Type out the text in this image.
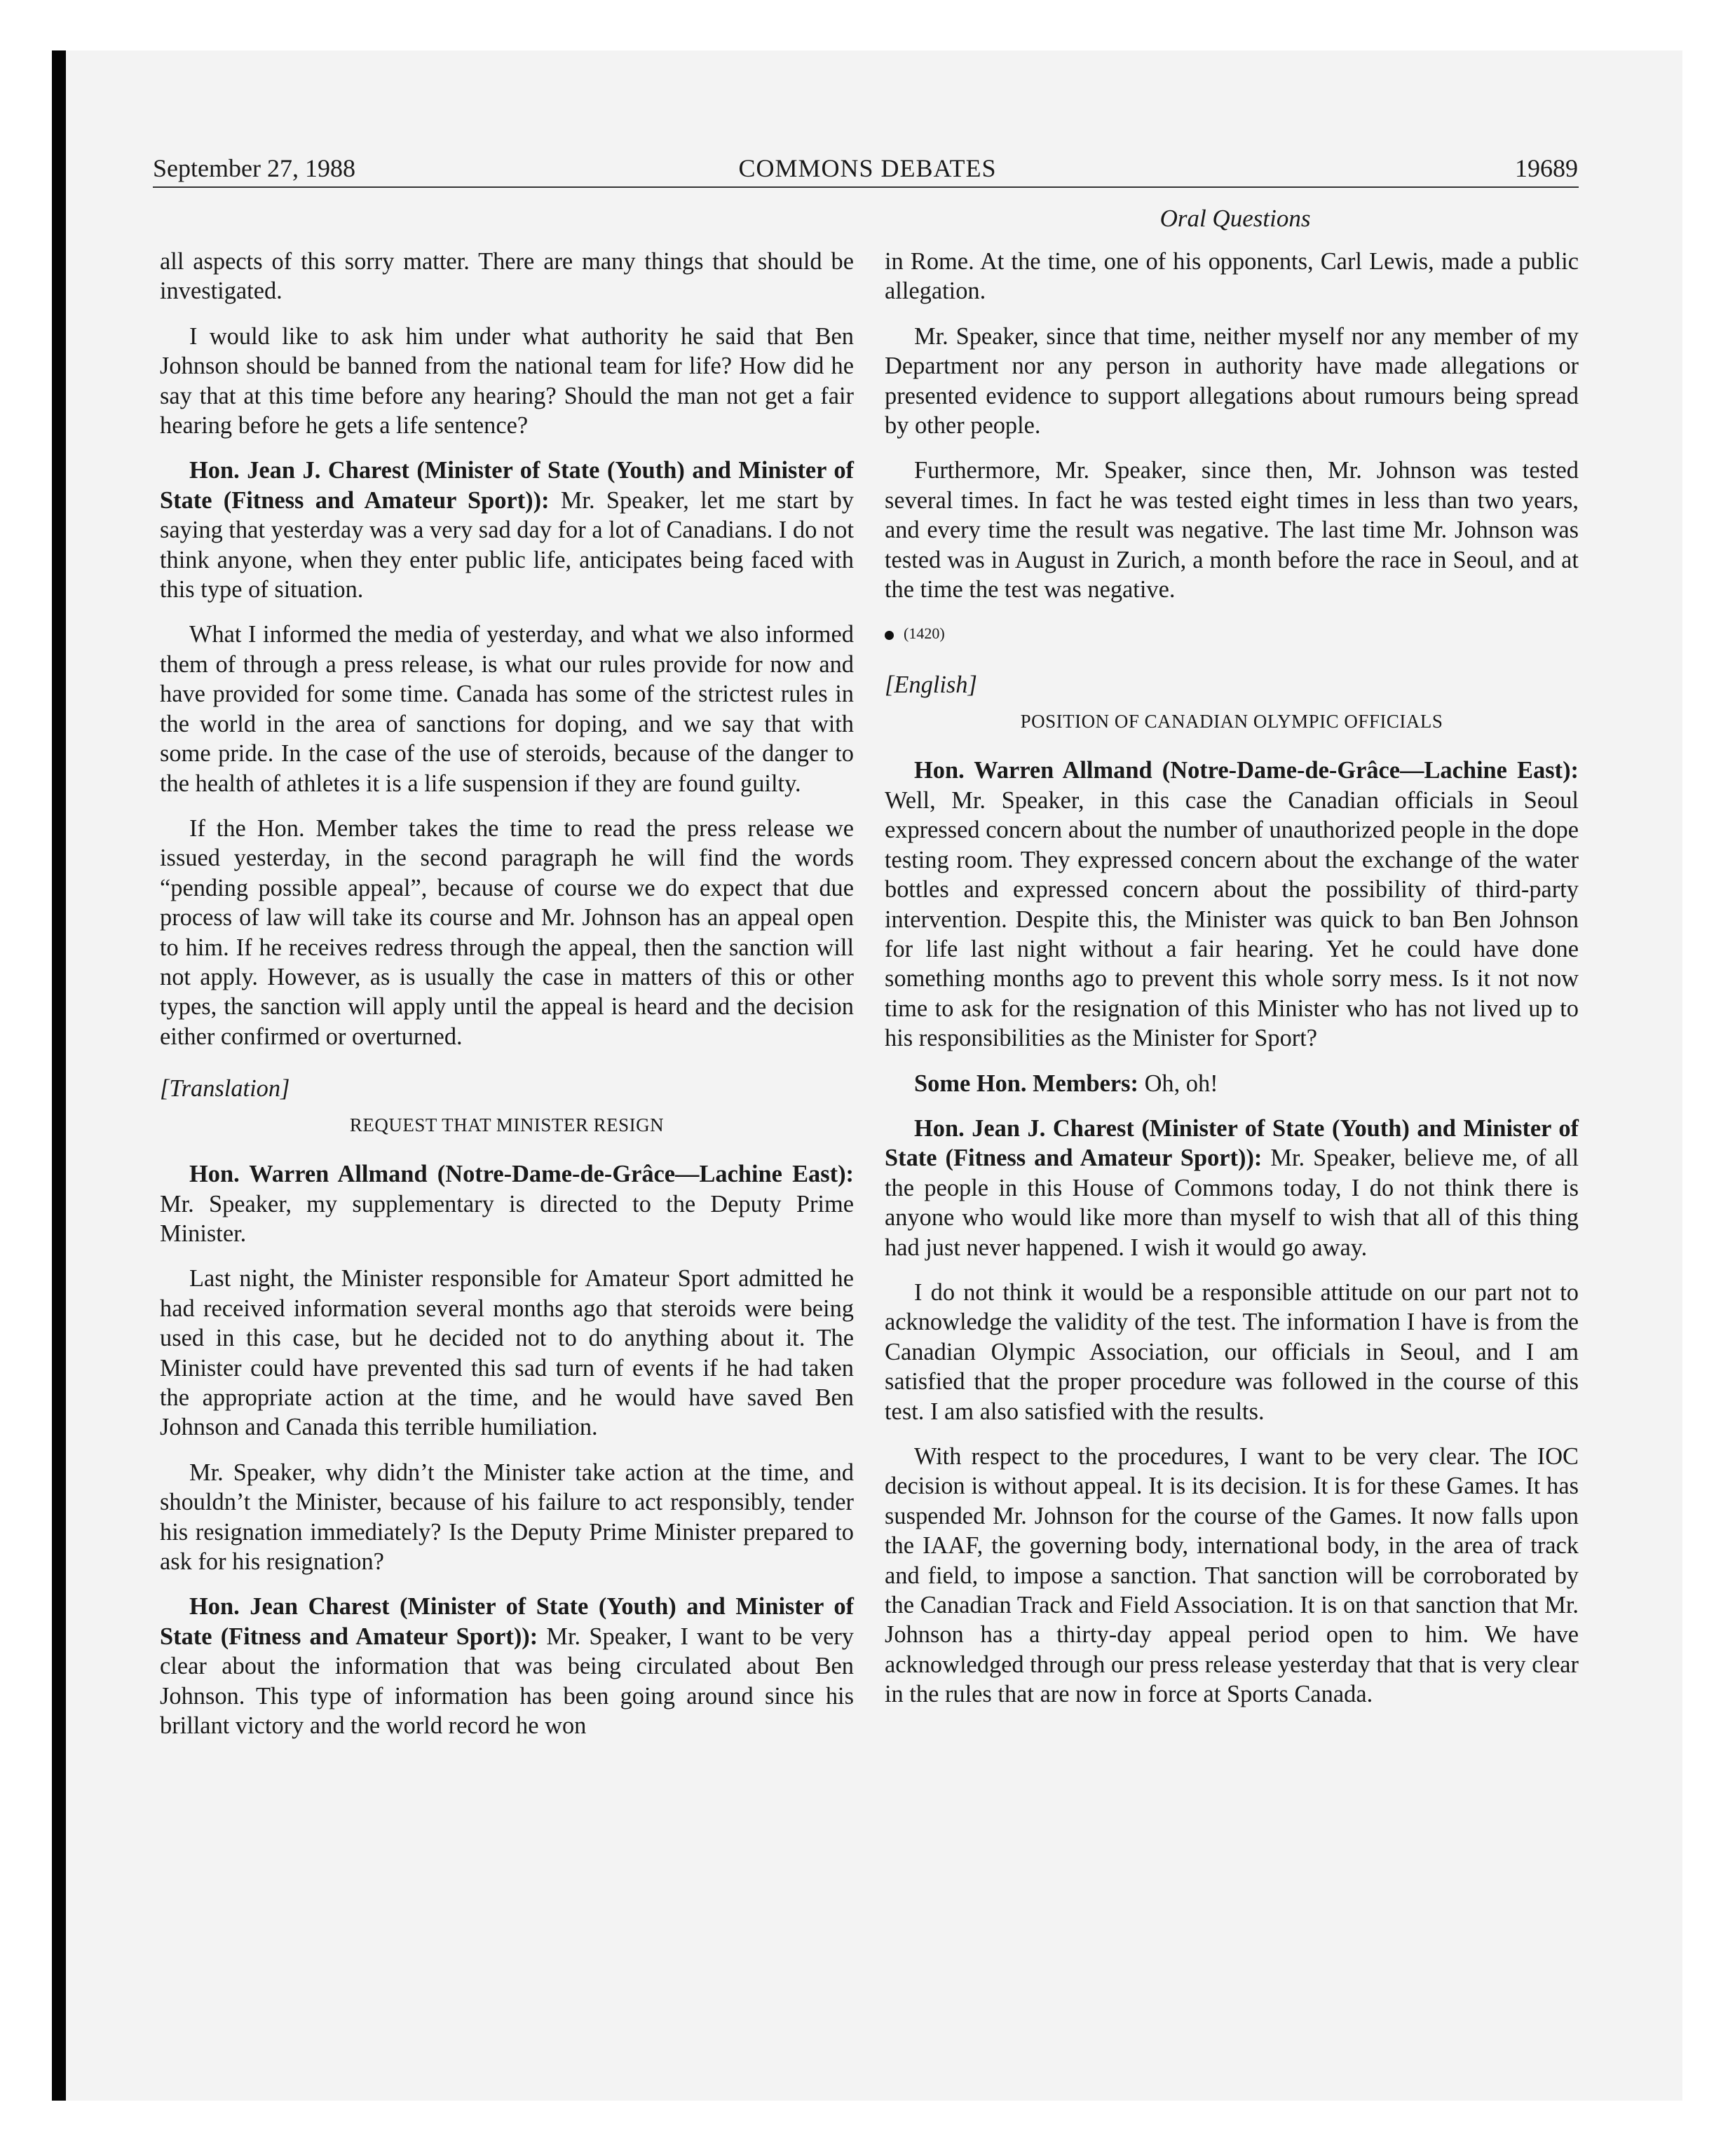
September 27, 1988	COMMONS DEBATES	19689
Oral Questions

all aspects of this sorry matter. There are many things that should be investigated.

I would like to ask him under what authority he said that Ben Johnson should be banned from the national team for life? How did he say that at this time before any hearing? Should the man not get a fair hearing before he gets a life sentence?

Hon. Jean J. Charest (Minister of State (Youth) and Minister of State (Fitness and Amateur Sport)): Mr. Speaker, let me start by saying that yesterday was a very sad day for a lot of Canadians. I do not think anyone, when they enter public life, anticipates being faced with this type of situation.

What I informed the media of yesterday, and what we also informed them of through a press release, is what our rules provide for now and have provided for some time. Canada has some of the strictest rules in the world in the area of sanctions for doping, and we say that with some pride. In the case of the use of steroids, because of the danger to the health of athletes it is a life suspension if they are found guilty.

If the Hon. Member takes the time to read the press release we issued yesterday, in the second paragraph he will find the words “pending possible appeal”, because of course we do expect that due process of law will take its course and Mr. Johnson has an appeal open to him. If he receives redress through the appeal, then the sanction will not apply. However, as is usually the case in matters of this or other types, the sanction will apply until the appeal is heard and the decision either confirmed or overturned.

[Translation]
REQUEST THAT MINISTER RESIGN

Hon. Warren Allmand (Notre-Dame-de-Grâce—Lachine East): Mr. Speaker, my supplementary is directed to the Deputy Prime Minister.

Last night, the Minister responsible for Amateur Sport admitted he had received information several months ago that steroids were being used in this case, but he decided not to do anything about it. The Minister could have prevented this sad turn of events if he had taken the appropriate action at the time, and he would have saved Ben Johnson and Canada this terrible humiliation.

Mr. Speaker, why didn’t the Minister take action at the time, and shouldn’t the Minister, because of his failure to act responsibly, tender his resignation immediately? Is the Deputy Prime Minister prepared to ask for his resignation?

Hon. Jean Charest (Minister of State (Youth) and Minister of State (Fitness and Amateur Sport)): Mr. Speaker, I want to be very clear about the information that was being circulated about Ben Johnson. This type of information has been going around since his brillant victory and the world record he won

in Rome. At the time, one of his opponents, Carl Lewis, made a public allegation.

Mr. Speaker, since that time, neither myself nor any member of my Department nor any person in authority have made allegations or presented evidence to support allegations about rumours being spread by other people.

Furthermore, Mr. Speaker, since then, Mr. Johnson was tested several times. In fact he was tested eight times in less than two years, and every time the result was negative. The last time Mr. Johnson was tested was in August in Zurich, a month before the race in Seoul, and at the time the test was negative.

(1420)
[English]
POSITION OF CANADIAN OLYMPIC OFFICIALS

Hon. Warren Allmand (Notre-Dame-de-Grâce—Lachine East): Well, Mr. Speaker, in this case the Canadian officials in Seoul expressed concern about the number of unauthorized people in the dope testing room. They expressed concern about the exchange of the water bottles and expressed concern about the possibility of third-party intervention. Despite this, the Minister was quick to ban Ben Johnson for life last night without a fair hearing. Yet he could have done something months ago to prevent this whole sorry mess. Is it not now time to ask for the resignation of this Minister who has not lived up to his responsibilities as the Minister for Sport?

Some Hon. Members: Oh, oh!

Hon. Jean J. Charest (Minister of State (Youth) and Minister of State (Fitness and Amateur Sport)): Mr. Speaker, believe me, of all the people in this House of Commons today, I do not think there is anyone who would like more than myself to wish that all of this thing had just never happened. I wish it would go away.

I do not think it would be a responsible attitude on our part not to acknowledge the validity of the test. The information I have is from the Canadian Olympic Association, our officials in Seoul, and I am satisfied that the proper procedure was followed in the course of this test. I am also satisfied with the results.

With respect to the procedures, I want to be very clear. The IOC decision is without appeal. It is its decision. It is for these Games. It has suspended Mr. Johnson for the course of the Games. It now falls upon the IAAF, the governing body, international body, in the area of track and field, to impose a sanction. That sanction will be corroborated by the Canadian Track and Field Association. It is on that sanction that Mr. Johnson has a thirty-day appeal period open to him. We have acknowledged through our press release yesterday that that is very clear in the rules that are now in force at Sports Canada.
